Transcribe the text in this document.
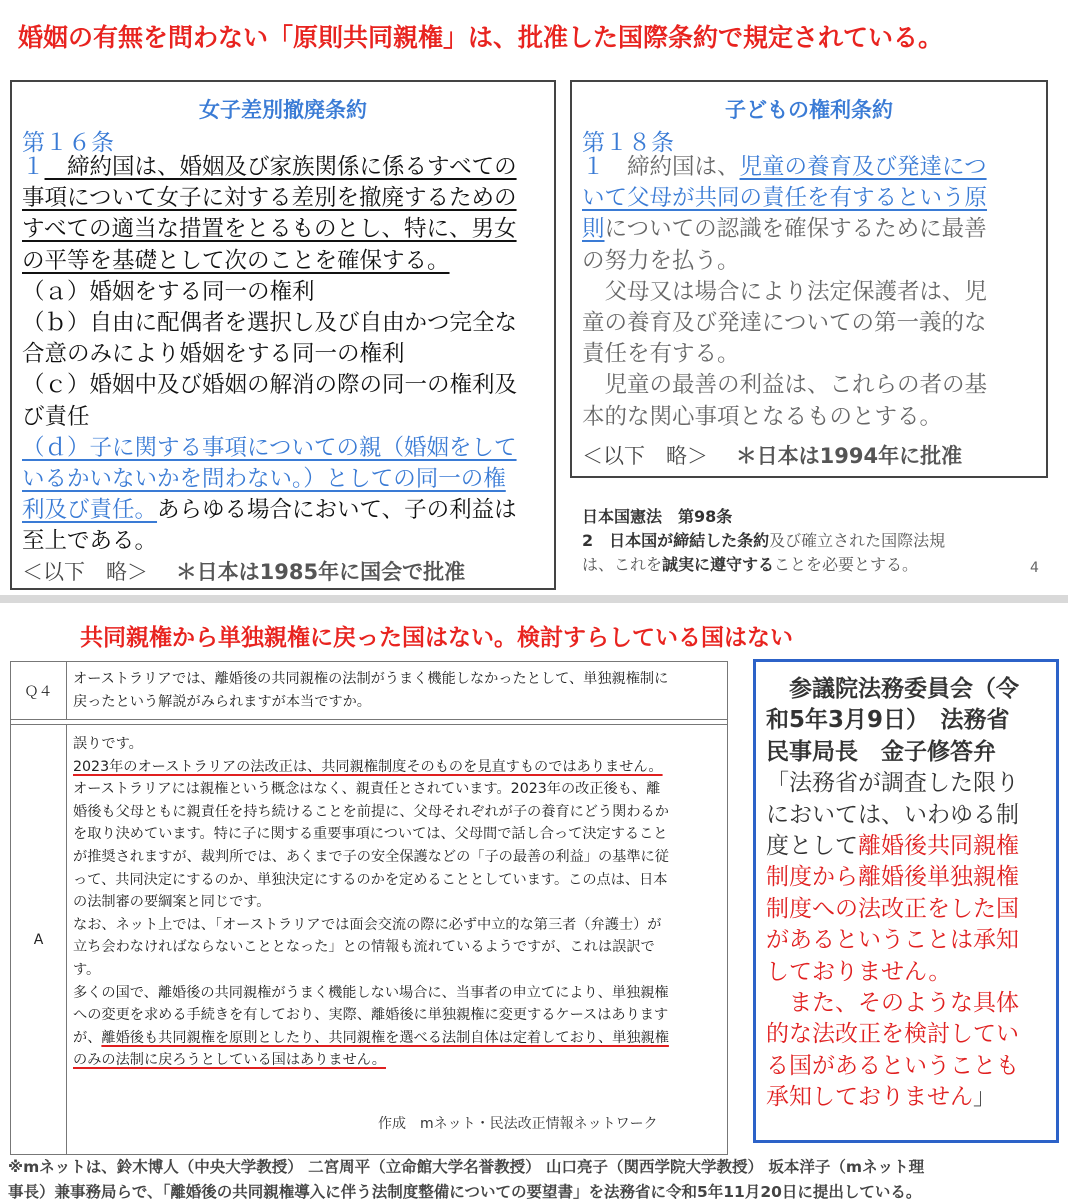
婚姻の有無を問わない「原則共同親権」は、批准した国際条約で規定されている。
女子差別撤廃条約
第１６条

１　締約国は、婚姻及び家族関係に係るすべての

事項について女子に対する差別を撤廃するための

すべての適当な措置をとるものとし、特に、男女

の平等を基礎として次のことを確保する。

（ａ）婚姻をする同一の権利

（ｂ）自由に配偶者を選択し及び自由かつ完全な

合意のみにより婚姻をする同一の権利

（ｃ）婚姻中及び婚姻の解消の際の同一の権利及

び責任

（ｄ）子に関する事項についての親（婚姻をして

いるかいないかを問わない。）としての同一の権

利及び責任。あらゆる場合において、子の利益は

至上である。

＜以下　略＞　 ＊日本は1985年に国会で批准
子どもの権利条約
第１８条

１　締約国は、児童の養育及び発達につ

いて父母が共同の責任を有するという原

則についての認識を確保するために最善

の努力を払う。

　父母又は場合により法定保護者は、児

童の養育及び発達についての第一義的な

責任を有する。

　児童の最善の利益は、これらの者の基

本的な関心事項となるものとする。

＜以下　略＞　 ＊日本は1994年に批准

日本国憲法　第98条

2　 日本国が締結した条約及び確立された国際法規

は、これを誠実に遵守することを必要とする。	4
共同親権から単独親権に戻った国はない。検討すらしている国はない
Ｑ４

オーストラリアでは、離婚後の共同親権の法制がうまく機能しなかったとして、単独親権制に

戻ったという解説がみられますが本当ですか。

A

誤りです。

2023年のオーストラリアの法改正は、共同親権制度そのものを見直すものではありません。

オーストラリアには親権という概念はなく、親責任とされています。2023年の改正後も、離

婚後も父母ともに親責任を持ち続けることを前提に、父母それぞれが子の養育にどう関わるか

を取り決めています。特に子に関する重要事項については、父母間で話し合って決定すること

が推奨されますが、裁判所では、あくまで子の安全保護などの「子の最善の利益」の基準に従

って、共同決定にするのか、単独決定にするのかを定めることとしています。この点は、日本

の法制審の要綱案と同じです。

なお、ネット上では、「オーストラリアでは面会交流の際に必ず中立的な第三者（弁護士）が

立ち会わなければならないこととなった」との情報も流れているようですが、これは誤訳で

す。

多くの国で、離婚後の共同親権がうまく機能しない場合に、当事者の申立てにより、単独親権

への変更を求める手続きを有しており、実際、離婚後に単独親権に変更するケースはあります

が、離婚後も共同親権を原則としたり、共同親権を選べる法制自体は定着しており、単独親権

のみの法制に戻ろうとしている国はありません。

作成　mネット・民法改正情報ネットワーク

　参議院法務委員会（令

和5年3月9日）　法務省

民事局長　金子修答弁

「法務省が調査した限り

においては、いわゆる制

度として離婚後共同親権

制度から離婚後単独親権

制度への法改正をした国

があるということは承知

しておりません。

　また、そのような具体

的な法改正を検討してい

る国があるということも

承知しておりません」

※mネットは、鈴木博人（中央大学教授） 二宮周平（立命館大学名誉教授） 山口亮子（関西学院大学教授） 坂本洋子（mネット理

事長）兼事務局らで、「離婚後の共同親権導入に伴う法制度整備についての要望書」を法務省に令和5年11月20日に提出している。
